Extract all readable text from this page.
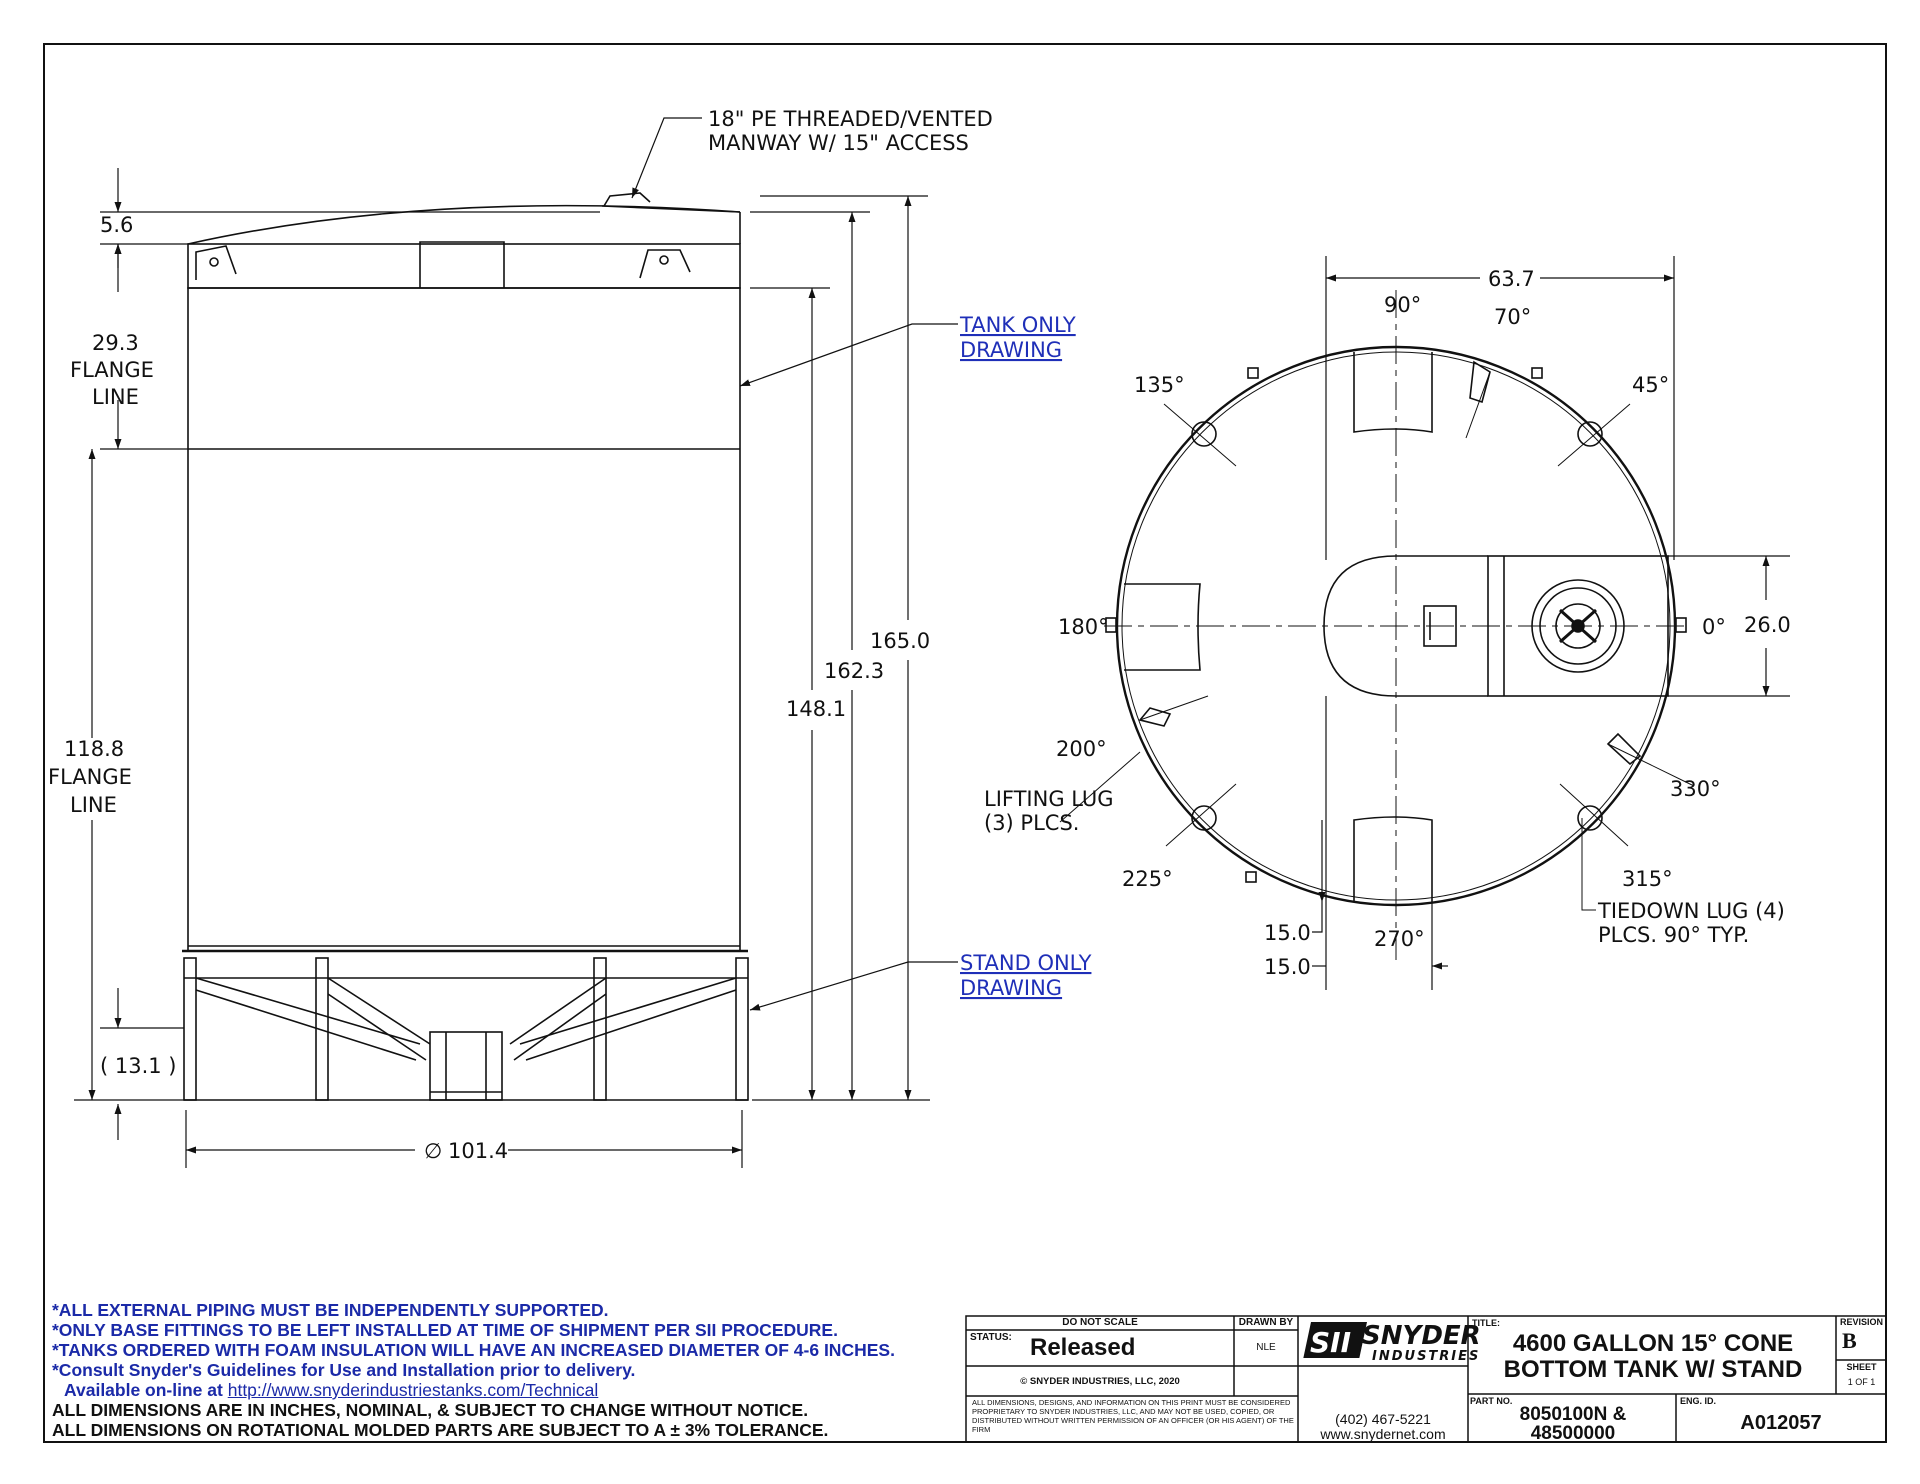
18" PE THREADED/VENTED
MANWAY W/ 15" ACCESS
5.6
29.3
FLANGE
LINE
118.8
FLANGE
LINE
( 13.1 )
∅ 101.4
165.0
162.3
148.1
TANK ONLY
DRAWING
STAND ONLY
DRAWING
63.7
26.0
15.0
15.0
0°
45°
70°
90°
135°
180°
200°
225°
270°
315°
330°
LIFTING LUG
(3) PLCS.
TIEDOWN LUG (4)
PLCS. 90° TYP.
SII SNYDER
INDUSTRIES
*ALL EXTERNAL PIPING MUST BE INDEPENDENTLY SUPPORTED.
*ONLY BASE FITTINGS TO BE LEFT INSTALLED AT TIME OF SHIPMENT PER SII PROCEDURE.
*TANKS ORDERED WITH FOAM INSULATION WILL HAVE AN INCREASED DIAMETER OF 4-6 INCHES.
*Consult Snyder's Guidelines for Use and Installation prior to delivery.
Available on-line at http://www.snyderindustriestanks.com/Technical
ALL DIMENSIONS ARE IN INCHES, NOMINAL, & SUBJECT TO CHANGE WITHOUT NOTICE.
ALL DIMENSIONS ON ROTATIONAL MOLDED PARTS ARE SUBJECT TO A ± 3% TOLERANCE.
DO NOT SCALE	DRAWN BY
NLE
STATUS: Released
© SNYDER INDUSTRIES, LLC, 2020
ALL DIMENSIONS, DESIGNS, AND INFORMATION ON THIS PRINT MUST BE CONSIDERED PROPRIETARY TO SNYDER INDUSTRIES, LLC, AND MAY NOT BE USED, COPIED, OR DISTRIBUTED WITHOUT WRITTEN PERMISSION OF AN OFFICER (OR HIS AGENT) OF THE FIRM
(402) 467-5221
www.snydernet.com
TITLE:
4600 GALLON 15° CONE
BOTTOM TANK W/ STAND
REVISION
B
SHEET
1 OF 1
PART NO.
8050100N &
48500000
ENG. ID.
A012057
